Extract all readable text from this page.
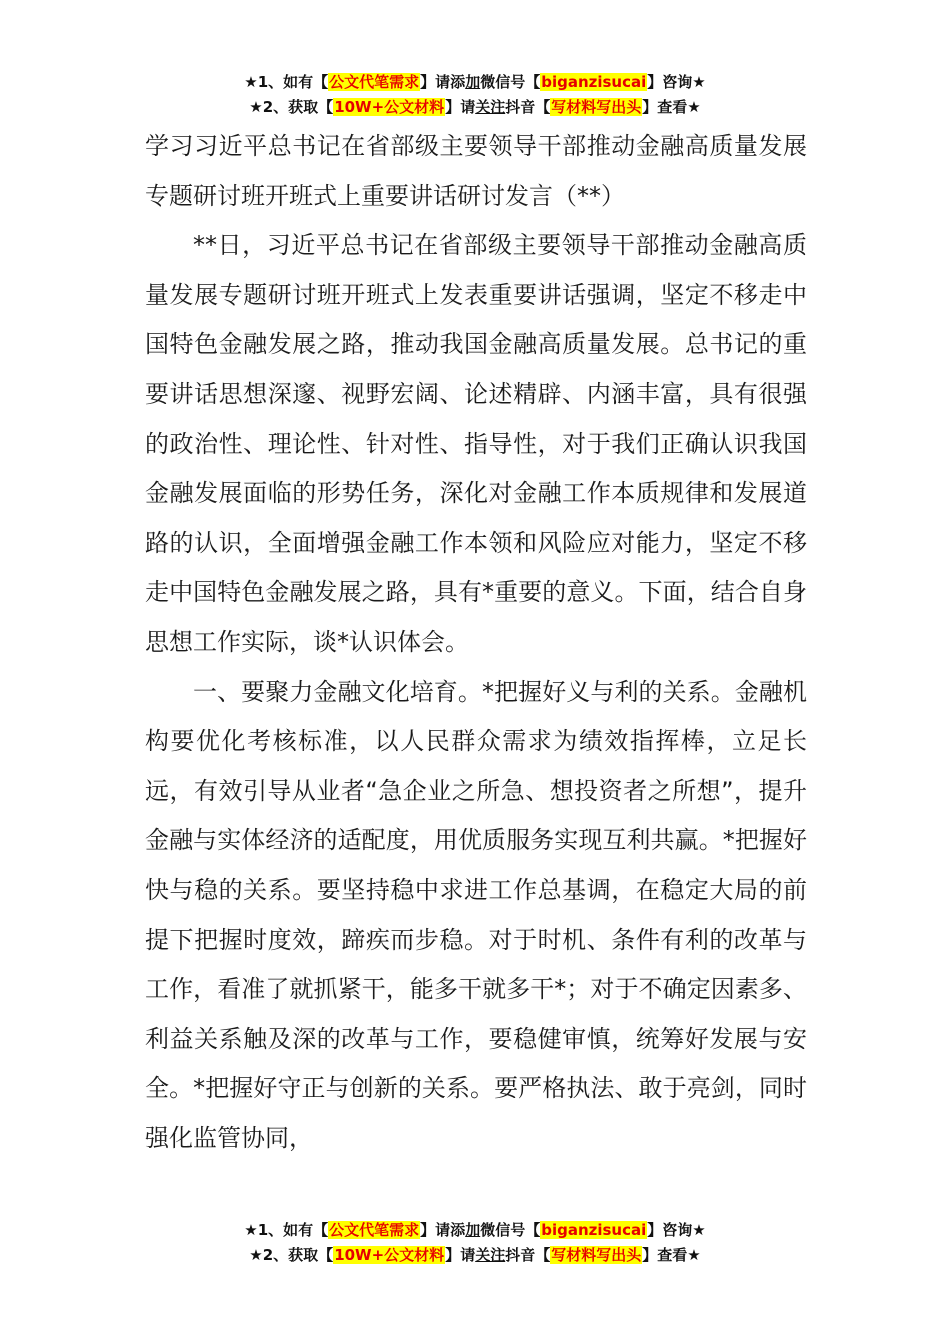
★1、如有【公文代笔需求】请添加微信号【biganzisucai】咨询★
★2、获取【10W+公文材料】请关注抖音【写材料写出头】查看★

学习习近平总书记在省部级主要领导干部推动金融高质量发展专题研讨班开班式上重要讲话研讨发言（**）

**日，习近平总书记在省部级主要领导干部推动金融高质量发展专题研讨班开班式上发表重要讲话强调，坚定不移走中国特色金融发展之路，推动我国金融高质量发展。总书记的重要讲话思想深邃、视野宏阔、论述精辟、内涵丰富，具有很强的政治性、理论性、针对性、指导性，对于我们正确认识我国金融发展面临的形势任务，深化对金融工作本质规律和发展道路的认识，全面增强金融工作本领和风险应对能力，坚定不移走中国特色金融发展之路，具有*重要的意义。下面，结合自身思想工作实际，谈*认识体会。

一、要聚力金融文化培育。*把握好义与利的关系。金融机构要优化考核标准，以人民群众需求为绩效指挥棒，立足长远，有效引导从业者“急企业之所急、想投资者之所想”，提升金融与实体经济的适配度，用优质服务实现互利共赢。*把握好快与稳的关系。要坚持稳中求进工作总基调，在稳定大局的前提下把握时度效，蹄疾而步稳。对于时机、条件有利的改革与工作，看准了就抓紧干，能多干就多干*；对于不确定因素多、利益关系触及深的改革与工作，要稳健审慎，统筹好发展与安全。*把握好守正与创新的关系。要严格执法、敢于亮剑，同时强化监管协同，

★1、如有【公文代笔需求】请添加微信号【biganzisucai】咨询★
★2、获取【10W+公文材料】请关注抖音【写材料写出头】查看★
